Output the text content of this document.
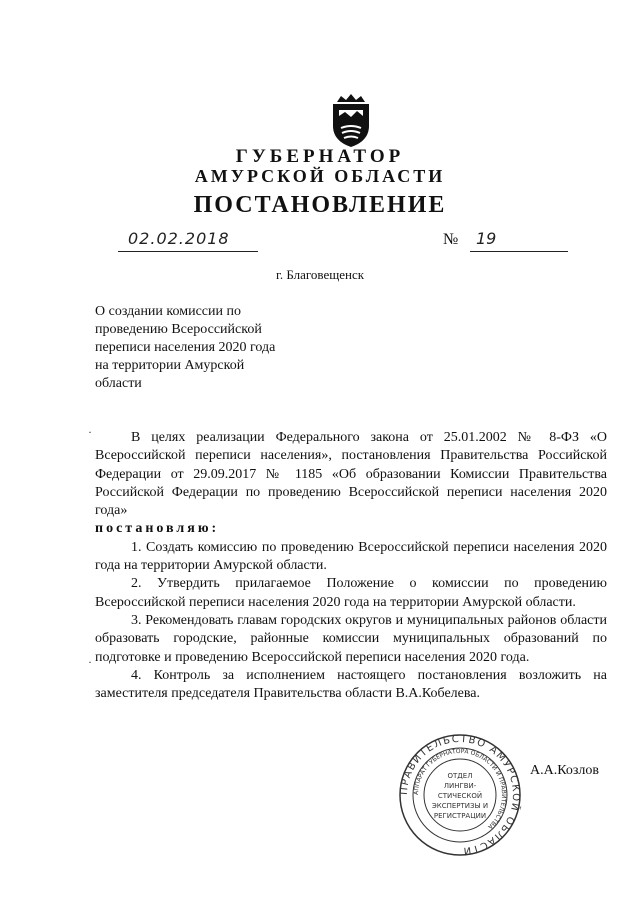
ГУБЕРНАТОР
АМУРСКОЙ ОБЛАСТИ
ПОСТАНОВЛЕНИЕ
02.02.2018	№ 19
г. Благовещенск
О создании комиссии по
проведению Всероссийской
переписи населения 2020 года
на территории Амурской
области

В целях реализации Федерального закона от 25.01.2002 № 8-ФЗ «О Всероссийской переписи населения», постановления Правительства Российской Федерации от 29.09.2017 № 1185 «Об образовании Комиссии Правительства Российской Федерации по проведению Всероссийской переписи населения 2020 года»

постановляю:

1. Создать комиссию по проведению Всероссийской переписи населения 2020 года на территории Амурской области.

2. Утвердить прилагаемое Положение о комиссии по проведению Всероссийской переписи населения 2020 года на территории Амурской области.

3. Рекомендовать главам городских округов и муниципальных районов области образовать городские, районные комиссии муниципальных образований по подготовке и проведению Всероссийской переписи населения 2020 года.

4. Контроль за исполнением настоящего постановления возложить на заместителя председателя Правительства области В.А.Кобелева.

·
·
ПРАВИТЕЛЬСТВО АМУРСКОЙ ОБЛАСТИ
АППАРАТ ГУБЕРНАТОРА ОБЛАСТИ И ПРАВИТЕЛЬСТВА
ОТДЕЛ
ЛИНГВИ-
СТИЧЕСКОЙ
ЭКСПЕРТИЗЫ И
РЕГИСТРАЦИИ
А.А.Козлов
